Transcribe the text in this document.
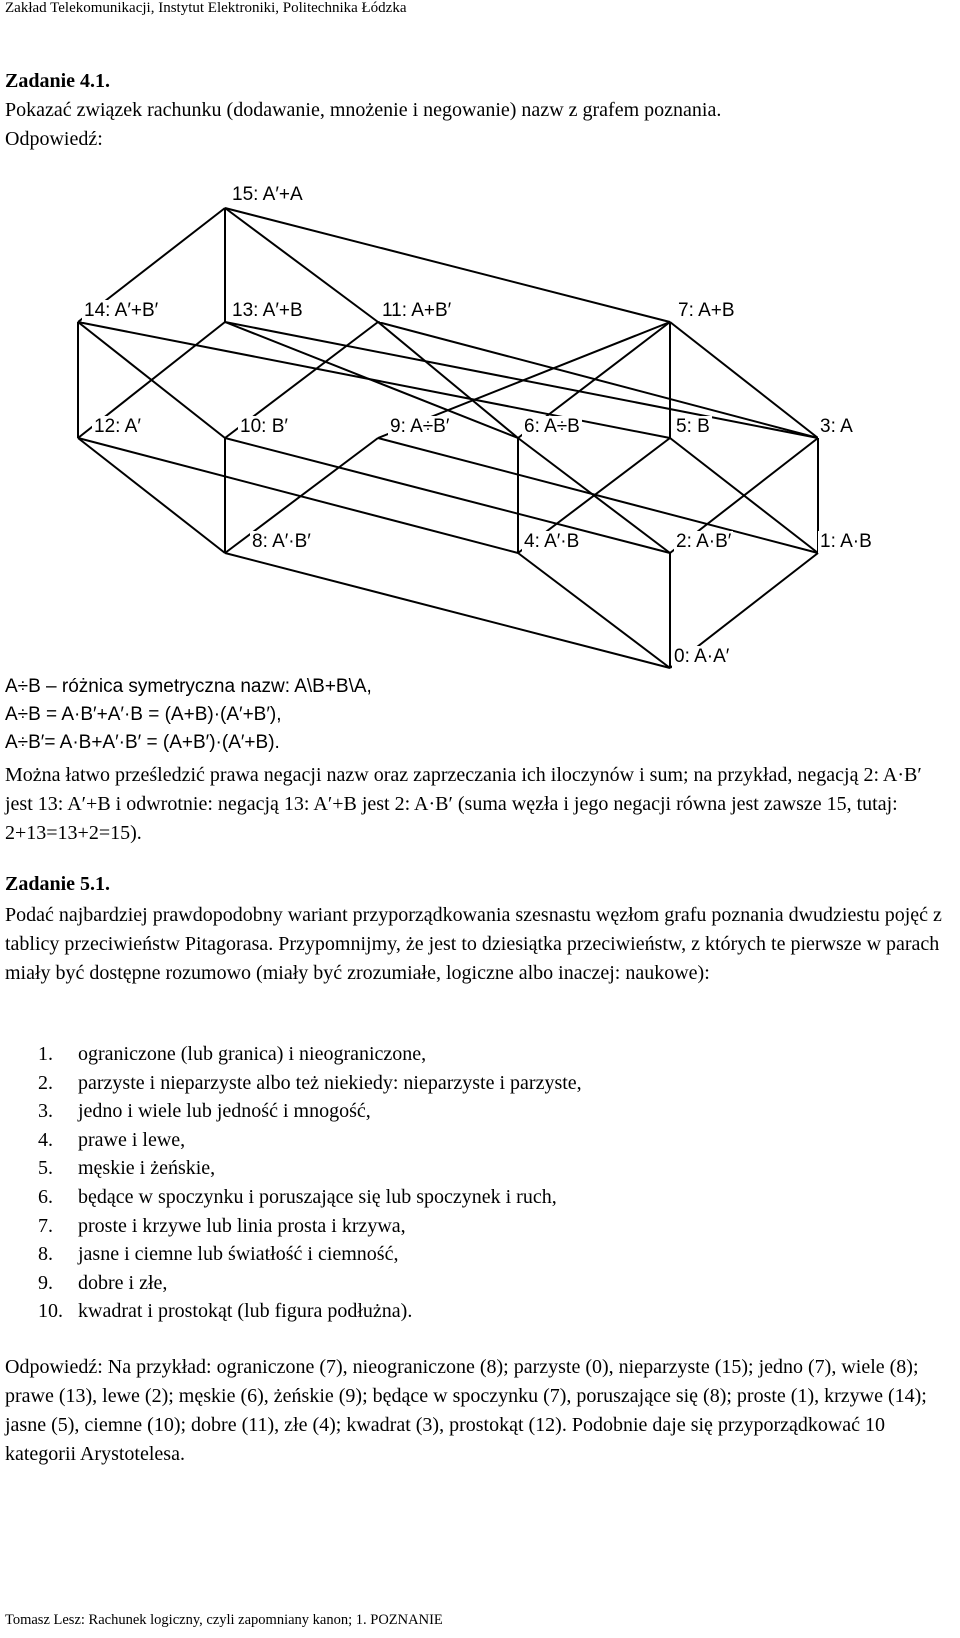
Zakład Telekomunikacji, Instytut Elektroniki, Politechnika Łódzka
Zadanie 4.1.
Pokazać związek rachunku (dodawanie, mnożenie i negowanie) nazw z grafem poznania.
Odpowiedź:
15: A′+A
14: A′+B′	13: A′+B	11: A+B′	7: A+B
12: A′	10: B′	9: A÷B′	6: A÷B	5: B	3: A
8: A′·B′	4: A′·B	2: A·B′	1: A·B
0: A·A′
A÷B – różnica symetryczna nazw: A\B+B\A,
A÷B = A·B′+A′·B = (A+B)·(A′+B′),
A÷B′= A·B+A′·B′ = (A+B′)·(A′+B).
Można łatwo prześledzić prawa negacji nazw oraz zaprzeczania ich iloczynów i sum; na przykład, negacją 2: A·B′ jest 13: A′+B i odwrotnie: negacją 13: A′+B jest 2: A·B′ (suma węzła i jego negacji równa jest zawsze 15, tutaj: 2+13=13+2=15).
Zadanie 5.1.
Podać najbardziej prawdopodobny wariant przyporządkowania szesnastu węzłom grafu poznania dwudziestu pojęć z tablicy przeciwieństw Pitagorasa. Przypomnijmy, że jest to dziesiątka przeciwieństw, z których te pierwsze w parach miały być dostępne rozumowo (miały być zrozumiałe, logiczne albo inaczej: naukowe):
1. ograniczone (lub granica) i nieograniczone,
2. parzyste i nieparzyste albo też niekiedy: nieparzyste i parzyste,
3. jedno i wiele lub jedność i mnogość,
4. prawe i lewe,
5. męskie i żeńskie,
6. będące w spoczynku i poruszające się lub spoczynek i ruch,
7. proste i krzywe lub linia prosta i krzywa,
8. jasne i ciemne lub światłość i ciemność,
9. dobre i złe,
10. kwadrat i prostokąt (lub figura podłużna).
Odpowiedź: Na przykład: ograniczone (7), nieograniczone (8); parzyste (0), nieparzyste (15); jedno (7), wiele (8); prawe (13), lewe (2); męskie (6), żeńskie (9); będące w spoczynku (7), poruszające się (8); proste (1), krzywe (14); jasne (5), ciemne (10); dobre (11), złe (4); kwadrat (3), prostokąt (12). Podobnie daje się przyporządkować 10 kategorii Arystotelesa.
Tomasz Lesz: Rachunek logiczny, czyli zapomniany kanon; 1. POZNANIE
